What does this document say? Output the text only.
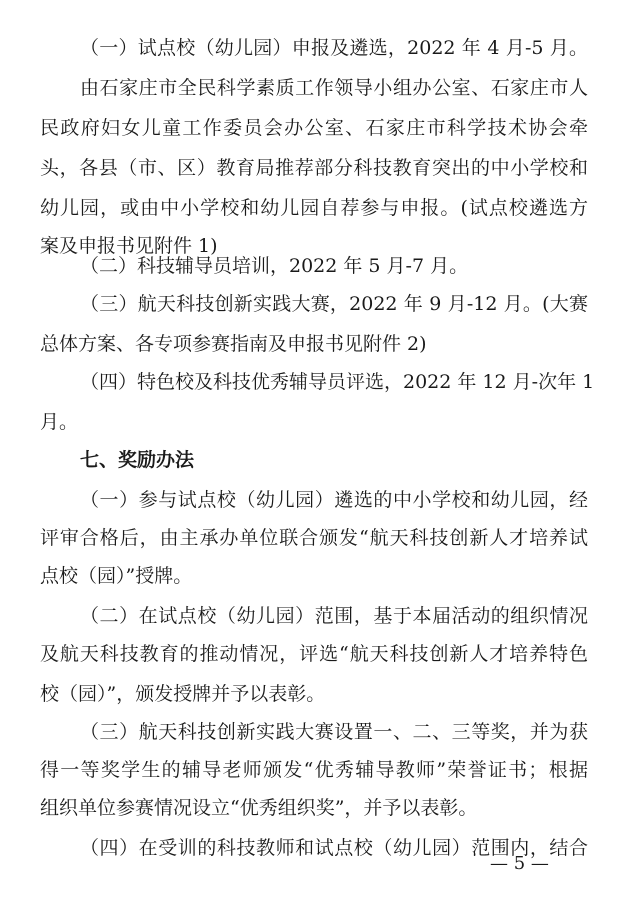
（一）试点校（幼儿园）申报及遴选，2022 年 4 月-5 月。

由石家庄市全民科学素质工作领导小组办公室、石家庄市人

民政府妇女儿童工作委员会办公室、石家庄市科学技术协会牵

头，各县（市、区）教育局推荐部分科技教育突出的中小学校和

幼儿园，或由中小学校和幼儿园自荐参与申报。(试点校遴选方

案及申报书见附件 1)

（二）科技辅导员培训，2022 年 5 月-7 月。

（三）航天科技创新实践大赛，2022 年 9 月-12 月。(大赛

总体方案、各专项参赛指南及申报书见附件 2)

（四）特色校及科技优秀辅导员评选，2022 年 12 月-次年 1

月。

七、奖励办法

（一）参与试点校（幼儿园）遴选的中小学校和幼儿园，经

评审合格后，由主承办单位联合颁发“航天科技创新人才培养试

点校（园）”授牌。

（二）在试点校（幼儿园）范围，基于本届活动的组织情况

及航天科技教育的推动情况，评选“航天科技创新人才培养特色

校（园）”，颁发授牌并予以表彰。

（三）航天科技创新实践大赛设置一、二、三等奖，并为获

得一等奖学生的辅导老师颁发“优秀辅导教师”荣誉证书；根据

组织单位参赛情况设立“优秀组织奖”，并予以表彰。

（四）在受训的科技教师和试点校（幼儿园）范围内，结合

— 5 —
